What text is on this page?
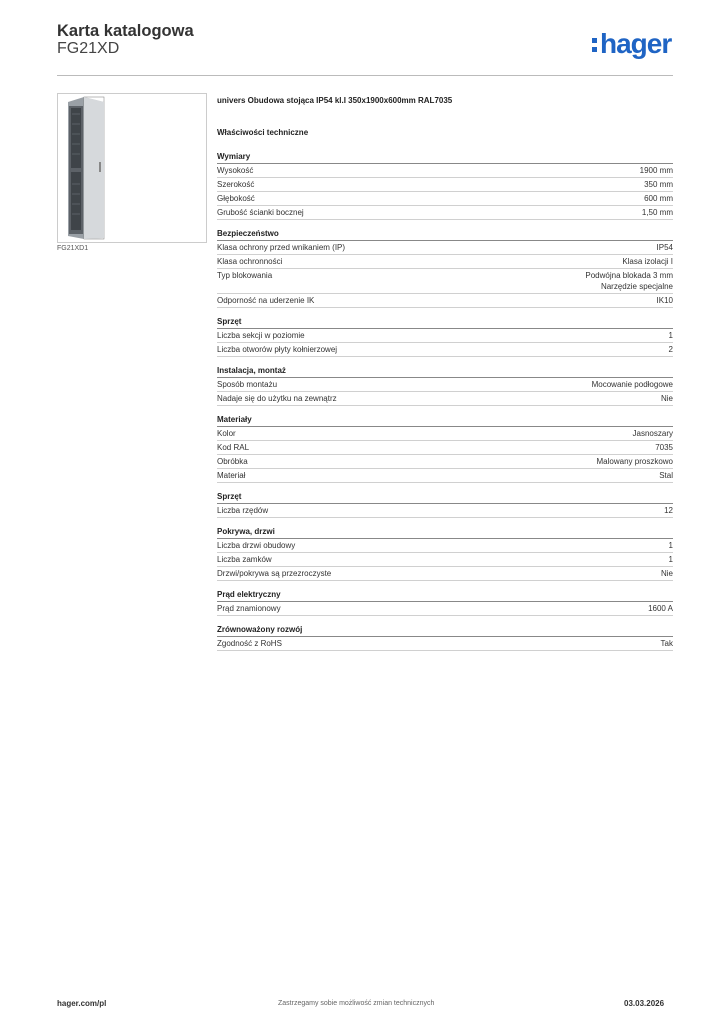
Karta katalogowa
FG21XD	hager
FG21XD1
univers Obudowa stojąca IP54 kl.I 350x1900x600mm RAL7035
Właściwości techniczne
Wymiary
Wysokość	1900 mm
Szerokość	350 mm
Głębokość	600 mm
Grubość ścianki bocznej	1,50 mm
Bezpieczeństwo
Klasa ochrony przed wnikaniem (IP)	IP54
Klasa ochronności	Klasa izolacji I
Typ blokowania	Podwójna blokada 3 mm
Narzędzie specjalne
Odporność na uderzenie IK	IK10
Sprzęt
Liczba sekcji w poziomie	1
Liczba otworów płyty kołnierzowej	2
Instalacja, montaż
Sposób montażu	Mocowanie podłogowe
Nadaje się do użytku na zewnątrz	Nie
Materiały
Kolor	Jasnoszary
Kod RAL	7035
Obróbka	Malowany proszkowo
Materiał	Stal
Sprzęt
Liczba rzędów	12
Pokrywa, drzwi
Liczba drzwi obudowy	1
Liczba zamków	1
Drzwi/pokrywa są przezroczyste	Nie
Prąd elektryczny
Prąd znamionowy	1600 A
Zrównoważony rozwój
Zgodność z RoHS	Tak
hager.com/pl	Zastrzegamy sobie możliwość zmian technicznych	03.03.2026
